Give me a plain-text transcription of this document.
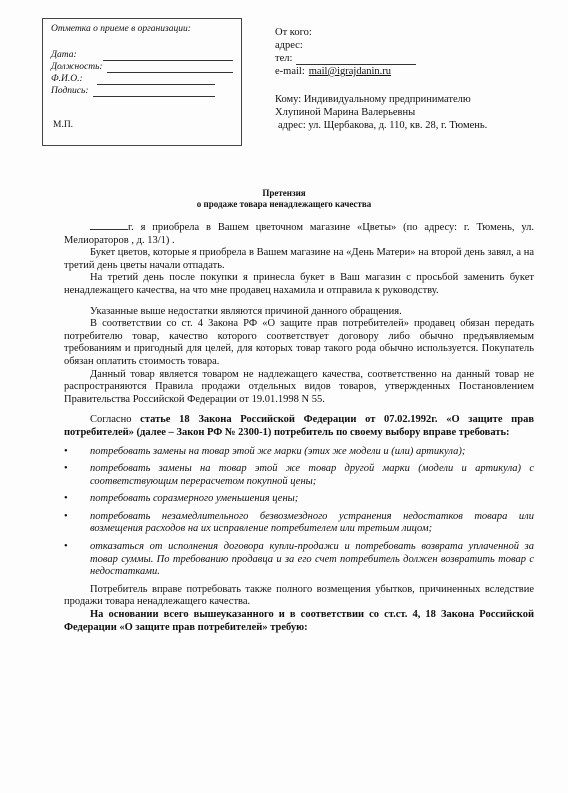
Отметка о приеме в организации:
Дата:
Должность:
Ф.И.О.:
Подпись:
М.П.
От кого:
адрес:
тел:
e-mail: mail@igrajdanin.ru
Кому: Индивидуальному предпринимателю
Хлупиной Марина Валерьевны
адрес: ул. Щербакова, д. 110, кв. 28, г. Тюмень.
Претензия
о продаже товара ненадлежащего качества

г. я приобрела в Вашем цветочном магазине «Цветы» (по адресу: г. Тюмень, ул. Мелиораторов , д. 13/1) .

Букет цветов, которые я приобрела в Вашем магазине на «День Матери» на второй день завял, а на третий день цветы начали отпадать.

На третий день после покупки я принесла букет в Ваш магазин с просьбой заменить букет ненадлежащего качества, на что мне продавец нахамила и отправила к руководству.

Указанные выше недостатки являются причиной данного обращения.

В соответствии со ст. 4 Закона РФ «О защите прав потребителей» продавец обязан передать потребителю товар, качество которого соответствует договору либо обычно предъявляемым требованиям и пригодный для целей, для которых товар такого рода обычно используется. Покупатель обязан оплатить стоимость товара.

Данный товар является товаром не надлежащего качества, соответственно на данный товар не распространяются Правила продажи отдельных видов товаров, утвержденных Постановлением Правительства Российской Федерации от 19.01.1998 N 55.

Согласно статье 18 Закона Российской Федерации от 07.02.1992г. «О защите прав потребителей» (далее – Закон РФ № 2300-1) потребитель по своему выбору вправе требовать:

•	потребовать замены на товар этой же марки (этих же модели и (или) артикула);
•	потребовать замены на товар этой же товар другой марки (модели и артикула) с соответствующим перерасчетом покупной цены;
•	потребовать соразмерного уменьшения цены;
•	потребовать незамедлительного безвозмездного устранения недостатков товара или возмещения расходов на их исправление потребителем или третьим лицом;
•	отказаться от исполнения договора купли-продажи и потребовать возврата уплаченной за товар суммы. По требованию продавца и за его счет потребитель должен возвратить товар с недостатками.

Потребитель вправе потребовать также полного возмещения убытков, причиненных вследствие продажи товара ненадлежащего качества.

На основании всего вышеуказанного и в соответствии со ст.ст. 4, 18 Закона Российской Федерации «О защите прав потребителей» требую:
